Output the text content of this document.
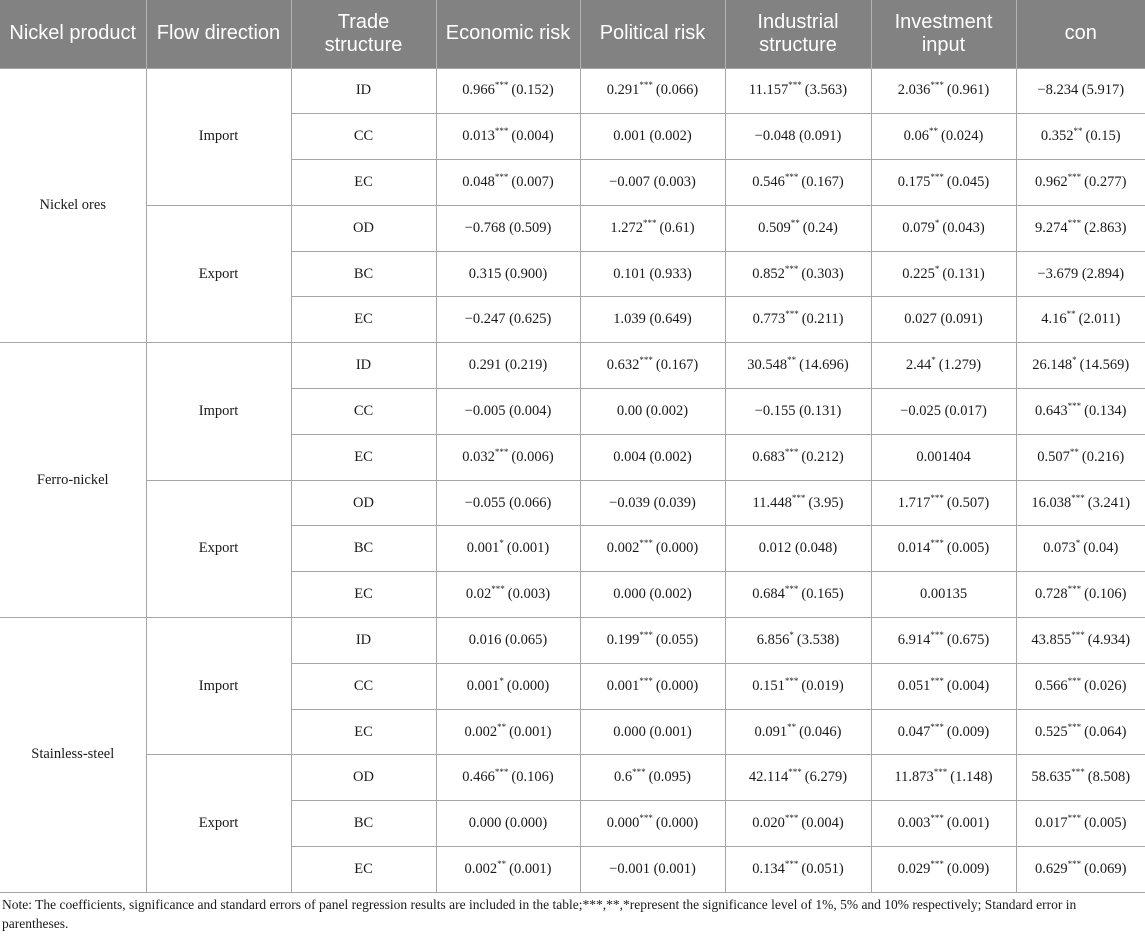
Nickel product	Flow direction	Trade structure	Economic risk	Political risk	Industrial structure	Investment input	con
Nickel ores	Import	ID	0.966*** (0.152)	0.291*** (0.066)	11.157*** (3.563)	2.036*** (0.961)	−8.234 (5.917)
		CC	0.013*** (0.004)	0.001 (0.002)	−0.048 (0.091)	0.06** (0.024)	0.352** (0.15)
		EC	0.048*** (0.007)	−0.007 (0.003)	0.546*** (0.167)	0.175*** (0.045)	0.962*** (0.277)
	Export	OD	−0.768 (0.509)	1.272*** (0.61)	0.509** (0.24)	0.079* (0.043)	9.274*** (2.863)
		BC	0.315 (0.900)	0.101 (0.933)	0.852*** (0.303)	0.225* (0.131)	−3.679 (2.894)
		EC	−0.247 (0.625)	1.039 (0.649)	0.773*** (0.211)	0.027 (0.091)	4.16** (2.011)
Ferro-nickel	Import	ID	0.291 (0.219)	0.632*** (0.167)	30.548** (14.696)	2.44* (1.279)	26.148* (14.569)
		CC	−0.005 (0.004)	0.00 (0.002)	−0.155 (0.131)	−0.025 (0.017)	0.643*** (0.134)
		EC	0.032*** (0.006)	0.004 (0.002)	0.683*** (0.212)	0.001404	0.507** (0.216)
	Export	OD	−0.055 (0.066)	−0.039 (0.039)	11.448*** (3.95)	1.717*** (0.507)	16.038*** (3.241)
		BC	0.001* (0.001)	0.002*** (0.000)	0.012 (0.048)	0.014*** (0.005)	0.073* (0.04)
		EC	0.02*** (0.003)	0.000 (0.002)	0.684*** (0.165)	0.00135	0.728*** (0.106)
Stainless-steel	Import	ID	0.016 (0.065)	0.199*** (0.055)	6.856* (3.538)	6.914*** (0.675)	43.855*** (4.934)
		CC	0.001* (0.000)	0.001*** (0.000)	0.151*** (0.019)	0.051*** (0.004)	0.566*** (0.026)
		EC	0.002** (0.001)	0.000 (0.001)	0.091** (0.046)	0.047*** (0.009)	0.525*** (0.064)
	Export	OD	0.466*** (0.106)	0.6*** (0.095)	42.114*** (6.279)	11.873*** (1.148)	58.635*** (8.508)
		BC	0.000 (0.000)	0.000*** (0.000)	0.020*** (0.004)	0.003*** (0.001)	0.017*** (0.005)
		EC	0.002** (0.001)	−0.001 (0.001)	0.134*** (0.051)	0.029*** (0.009)	0.629*** (0.069)
Note: The coefficients, significance and standard errors of panel regression results are included in the table;***,**,*represent the significance level of 1%, 5% and 10% respectively; Standard error in parentheses.
